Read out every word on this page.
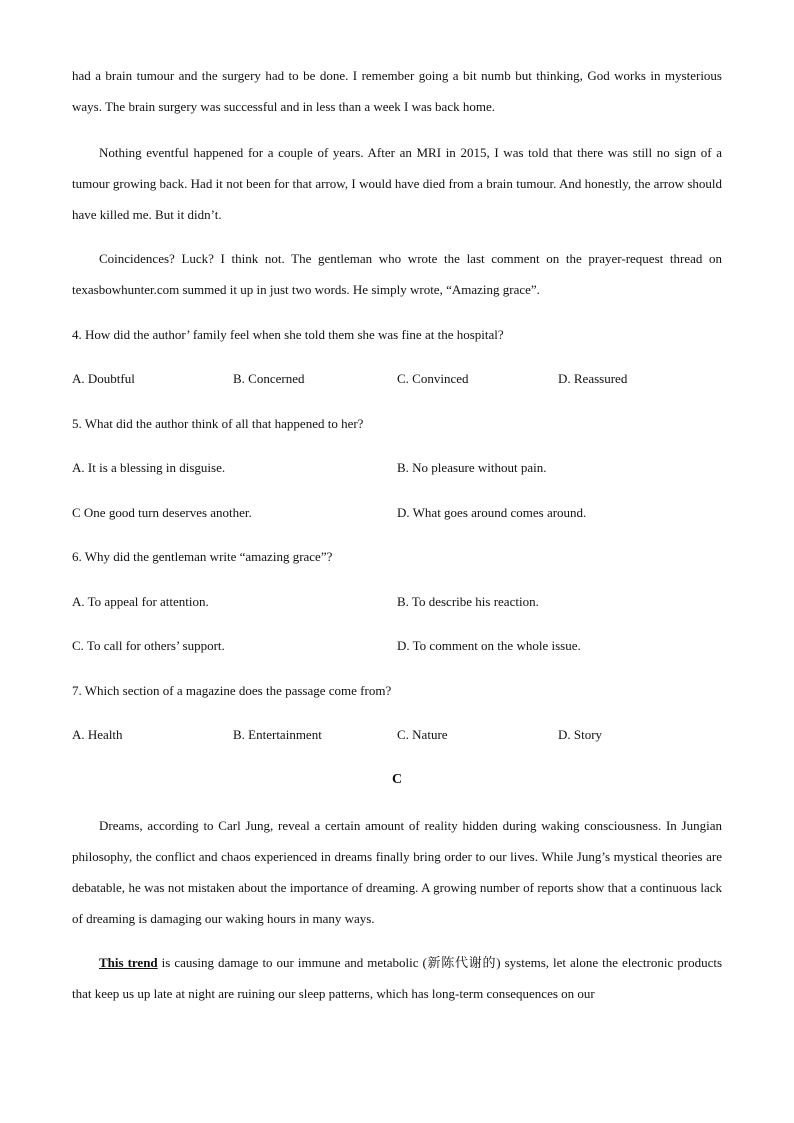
had a brain tumour and the surgery had to be done. I remember going a bit numb but thinking, God works in mysterious ways. The brain surgery was successful and in less than a week I was back home.

Nothing eventful happened for a couple of years. After an MRI in 2015, I was told that there was still no sign of a tumour growing back. Had it not been for that arrow, I would have died from a brain tumour. And honestly, the arrow should have killed me. But it didn’t.

Coincidences? Luck? I think not. The gentleman who wrote the last comment on the prayer-request thread on texasbowhunter.com summed it up in just two words. He simply wrote, “Amazing grace”.

4. How did the author’ family feel when she told them she was fine at the hospital?

A. Doubtful	B. Concerned	C. Convinced	D. Reassured

5. What did the author think of all that happened to her?

A. It is a blessing in disguise.	B. No pleasure without pain.
C One good turn deserves another.	D. What goes around comes around.

6. Why did the gentleman write “amazing grace”?

A. To appeal for attention.	B. To describe his reaction.
C. To call for others’ support.	D. To comment on the whole issue.

7. Which section of a magazine does the passage come from?

A. Health	B. Entertainment	C. Nature	D. Story
C

Dreams, according to Carl Jung, reveal a certain amount of reality hidden during waking consciousness. In Jungian philosophy, the conflict and chaos experienced in dreams finally bring order to our lives. While Jung’s mystical theories are debatable, he was not mistaken about the importance of dreaming. A growing number of reports show that a continuous lack of dreaming is damaging our waking hours in many ways.

This trend is causing damage to our immune and metabolic (新陈代谢的) systems, let alone the electronic products that keep us up late at night are ruining our sleep patterns, which has long-term consequences on our
